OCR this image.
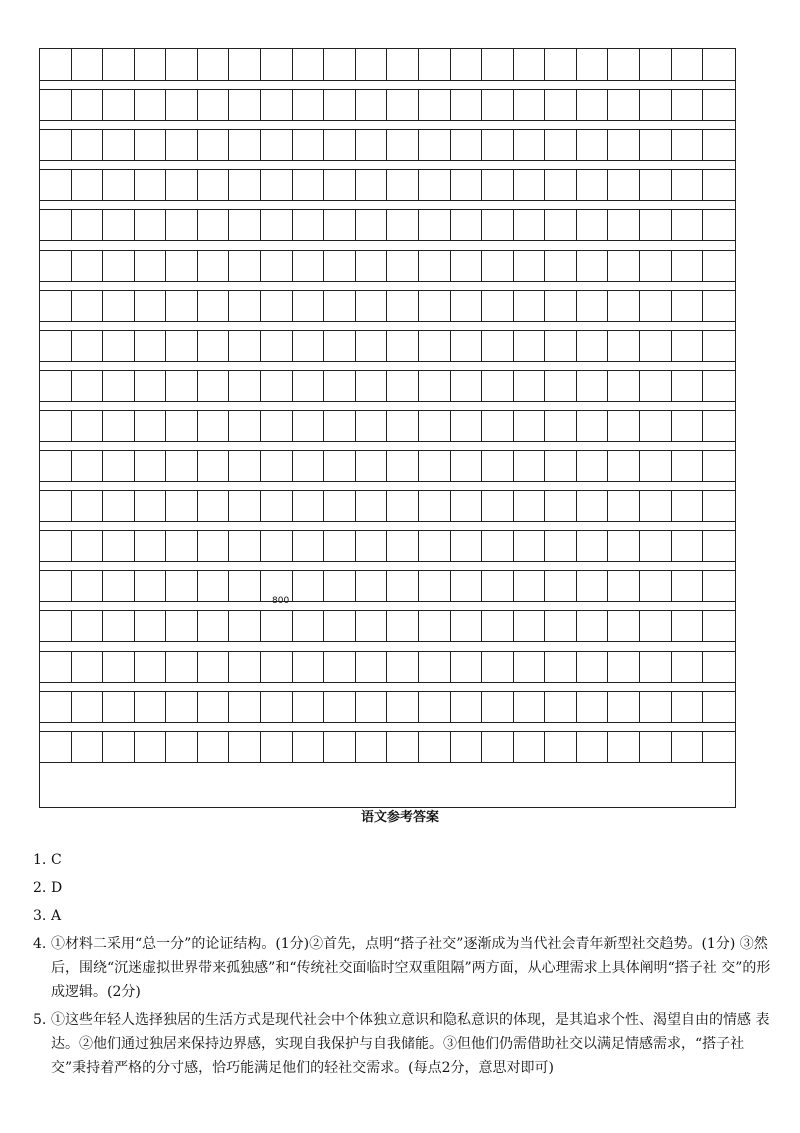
800
语文参考答案
1. C
2. D
3. A
4. ①材料二采用“总一分”的论证结构。(1分)②首先，点明“搭子社交”逐渐成为当代社会青年新型社交趋势。(1分) ③然后，围绕“沉迷虚拟世界带来孤独感”和“传统社交面临时空双重阻隔”两方面，从心理需求上具体阐明“搭子社 交”的形成逻辑。(2分)
5. ①这些年轻人选择独居的生活方式是现代社会中个体独立意识和隐私意识的体现，是其追求个性、渴望自由的情感 表达。②他们通过独居来保持边界感，实现自我保护与自我储能。③但他们仍需借助社交以满足情感需求，“搭子社 交”秉持着严格的分寸感，恰巧能满足他们的轻社交需求。(每点2分，意思对即可)
